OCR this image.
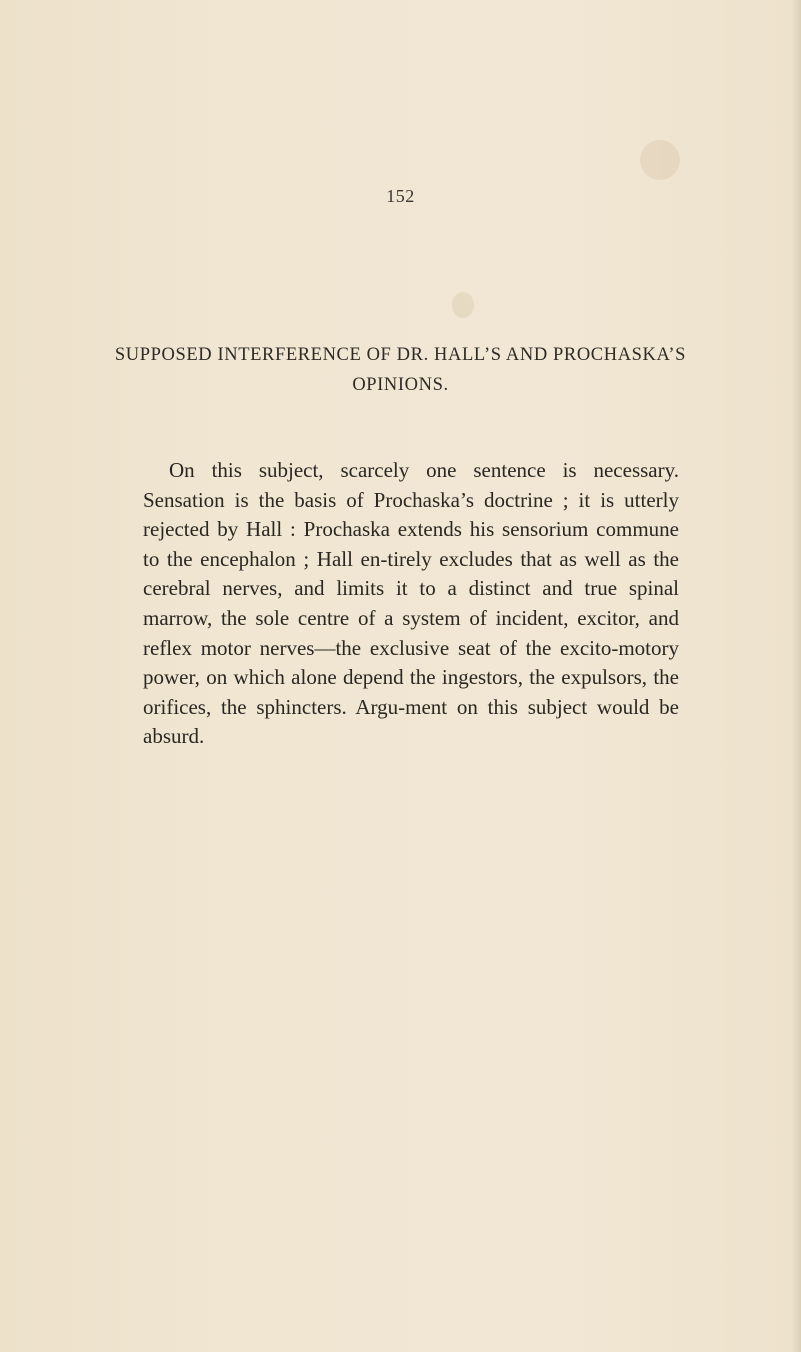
152
SUPPOSED INTERFERENCE OF DR. HALL’S AND PROCHASKA’S OPINIONS.

On this subject, scarcely one sentence is necessary. Sensation is the basis of Prochaska’s doctrine ; it is utterly rejected by Hall : Prochaska extends his sensorium commune to the encephalon ; Hall en-tirely excludes that as well as the cerebral nerves, and limits it to a distinct and true spinal marrow, the sole centre of a system of incident, excitor, and reflex motor nerves—the exclusive seat of the excito-motory power, on which alone depend the ingestors, the expulsors, the orifices, the sphincters. Argu-ment on this subject would be absurd.
